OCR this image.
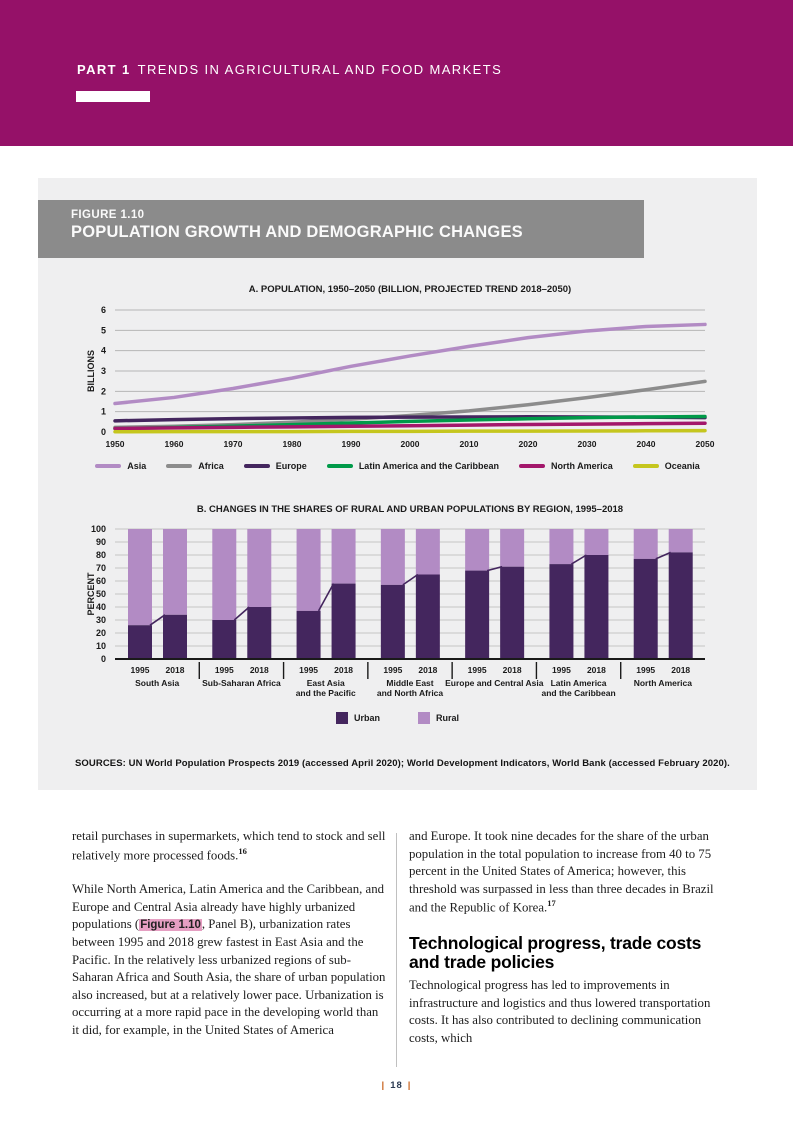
PART 1 TRENDS IN AGRICULTURAL AND FOOD MARKETS
FIGURE 1.10
POPULATION GROWTH AND DEMOGRAPHIC CHANGES
A. POPULATION, 1950–2050 (BILLION, PROJECTED TREND 2018–2050)
0
1
2
3
4
5
6
BILLIONS
1950	1960	1970	1980	1990	2000	2010	2020	2030	2040	2050
Asia	Africa	Europe	Latin America and the Caribbean	North America	Oceania
B. CHANGES IN THE SHARES OF RURAL AND URBAN POPULATIONS BY REGION, 1995–2018
0
10
20
30
40
50
60
70
80
90
100
PERCENT
1995 2018
South Asia
1995 2018
Sub-Saharan Africa
1995 2018
East Asia
and the Pacific
1995 2018
Middle East
and North Africa
1995 2018
Europe and Central Asia
1995 2018
Latin America
and the Caribbean
1995 2018
North America
Urban	Rural

SOURCES: UN World Population Prospects 2019 (accessed April 2020); World Development Indicators, World Bank (accessed February 2020).

retail purchases in supermarkets, which tend to stock and sell relatively more processed foods.$^{16}$

While North America, Latin America and the Caribbean, and Europe and Central Asia already have highly urbanized populations (Figure 1.10, Panel B), urbanization rates between 1995 and 2018 grew fastest in East Asia and the Pacific. In the relatively less urbanized regions of sub-Saharan Africa and South Asia, the share of urban population also increased, but at a relatively lower pace. Urbanization is occurring at a more rapid pace in the developing world than it did, for example, in the United States of America

and Europe. It took nine decades for the share of the urban population in the total population to increase from 40 to 75 percent in the United States of America; however, this threshold was surpassed in less than three decades in Brazil and the Republic of Korea.$^{17}$

Technological progress, trade costs and trade policies

Technological progress has led to improvements in infrastructure and logistics and thus lowered transportation costs. It has also contributed to declining communication costs, which

| 18 |
